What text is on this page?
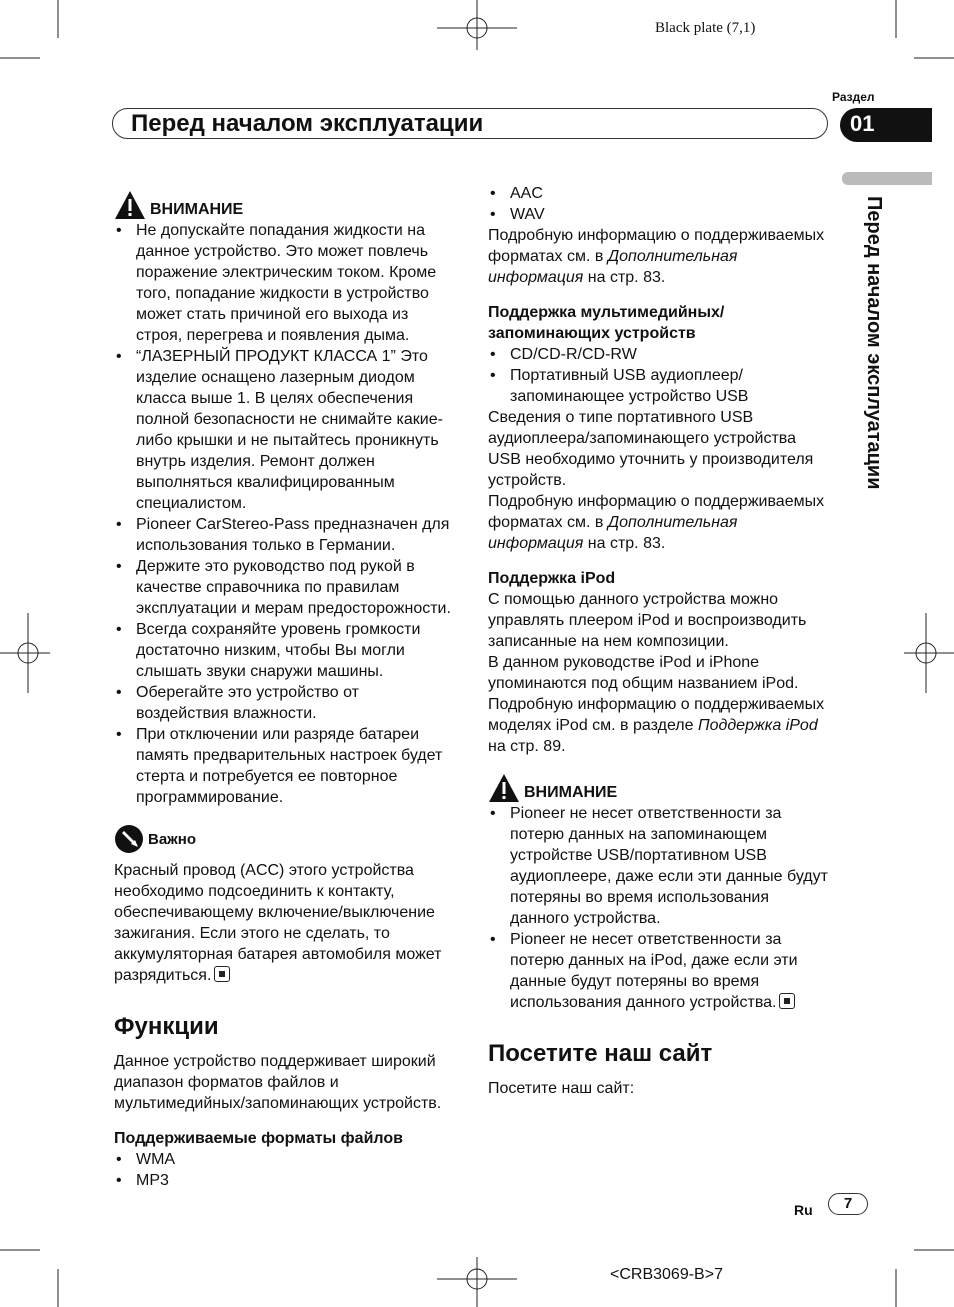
Black plate (7,1)
Раздел
Перед началом эксплуатации	01
Перед началом эксплуатации
ВНИМАНИЕ
• Не допускайте попадания жидкости на данное устройство. Это может повлечь поражение электрическим током. Кроме того, попадание жидкости в устройство может стать причиной его выхода из строя, перегрева и появления дыма.
• “ЛАЗЕРНЫЙ ПРОДУКТ КЛАССА 1” Это изделие оснащено лазерным диодом класса выше 1. В целях обеспечения полной безопасности не снимайте какие-либо крышки и не пытайтесь проникнуть внутрь изделия. Ремонт должен выполняться квалифицированным специалистом.
• Pioneer CarStereo-Pass предназначен для использования только в Германии.
• Держите это руководство под рукой в качестве справочника по правилам эксплуатации и мерам предосторожности.
• Всегда сохраняйте уровень громкости достаточно низким, чтобы Вы могли слышать звуки снаружи машины.
• Оберегайте это устройство от воздействия влажности.
• При отключении или разряде батареи память предварительных настроек будет стерта и потребуется ее повторное программирование.
Важно

Красный провод (ACC) этого устройства необходимо подсоединить к контакту, обеспечивающему включение/выключение зажигания. Если этого не сделать, то аккумуляторная батарея автомобиля может разрядиться.

Функции

Данное устройство поддерживает широкий диапазон форматов файлов и мультимедийных/запоминающих устройств.

Поддерживаемые форматы файлов
• WMA
• MP3
• AAC
• WAV

Подробную информацию о поддерживаемых форматах см. в Дополнительная информация на стр. 83.

Поддержка мультимедийных/ запоминающих устройств
• CD/CD-R/CD-RW
• Портативный USB аудиоплеер/запоминающее устройство USB

Сведения о типе портативного USB аудиоплеера/запоминающего устройства USB необходимо уточнить у производителя устройств.

Подробную информацию о поддерживаемых форматах см. в Дополнительная информация на стр. 83.

Поддержка iPod

С помощью данного устройства можно управлять плеером iPod и воспроизводить записанные на нем композиции.

В данном руководстве iPod и iPhone упоминаются под общим названием iPod.

Подробную информацию о поддерживаемых моделях iPod см. в разделе Поддержка iPod на стр. 89.

ВНИМАНИЕ
• Pioneer не несет ответственности за потерю данных на запоминающем устройстве USB/портативном USB аудиоплеере, даже если эти данные будут потеряны во время использования данного устройства.
• Pioneer не несет ответственности за потерю данных на iPod, даже если эти данные будут потеряны во время использования данного устройства.
Посетите наш сайт

Посетите наш сайт:

Ru	7
<CRB3069-B>7
